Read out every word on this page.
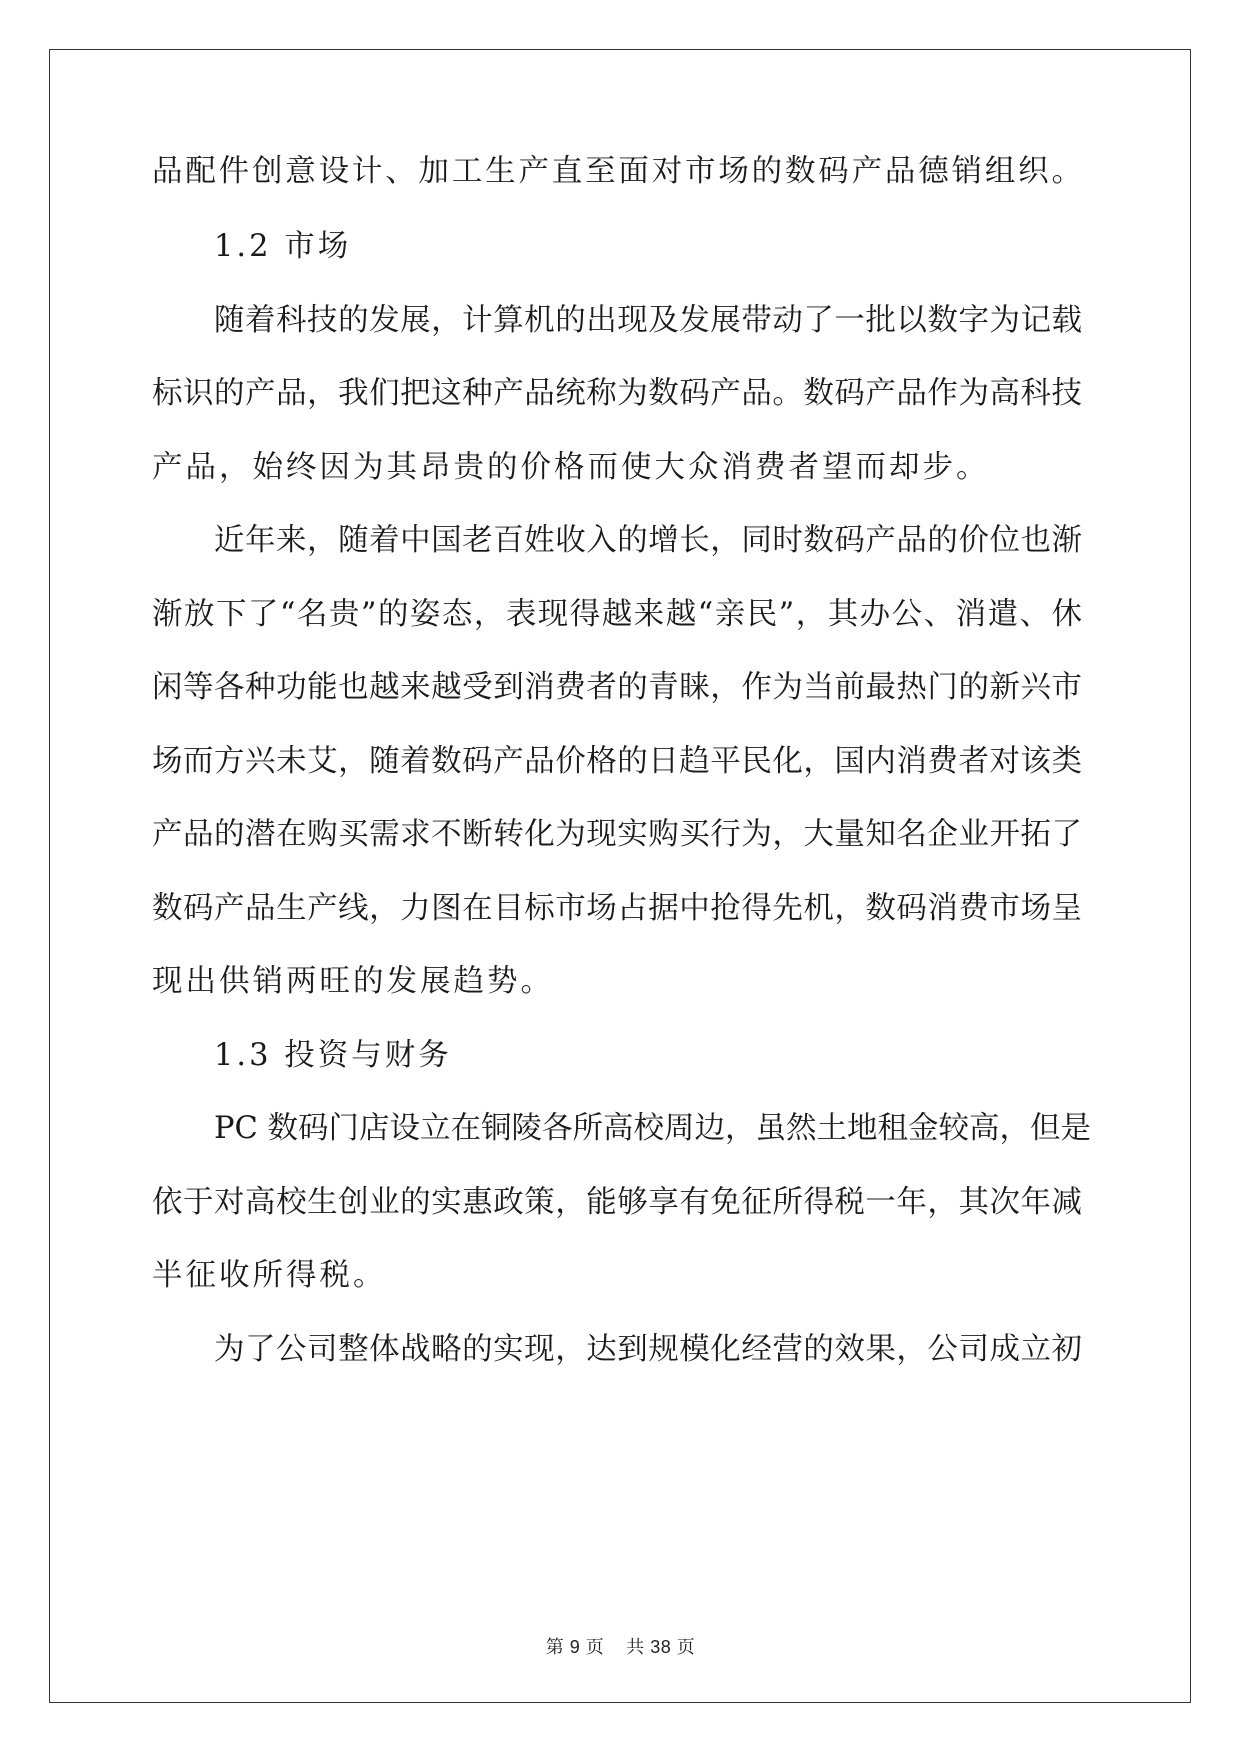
品配件创意设计、加工生产直至面对市场的数码产品德销组织。
1.2 市场
随着科技的发展，计算机的出现及发展带动了一批以数字为记载
标识的产品，我们把这种产品统称为数码产品。数码产品作为高科技
产品，始终因为其昂贵的价格而使大众消费者望而却步。
近年来，随着中国老百姓收入的增长，同时数码产品的价位也渐
渐放下了“名贵”的姿态，表现得越来越“亲民”，其办公、消遣、休
闲等各种功能也越来越受到消费者的青睐，作为当前最热门的新兴市
场而方兴未艾，随着数码产品价格的日趋平民化，国内消费者对该类
产品的潜在购买需求不断转化为现实购买行为，大量知名企业开拓了
数码产品生产线，力图在目标市场占据中抢得先机，数码消费市场呈
现出供销两旺的发展趋势。
1.3 投资与财务
PC 数码门店设立在铜陵各所高校周边，虽然土地租金较高，但是
依于对高校生创业的实惠政策，能够享有免征所得税一年，其次年减
半征收所得税。
为了公司整体战略的实现，达到规模化经营的效果，公司成立初
第 9 页    共 38 页
